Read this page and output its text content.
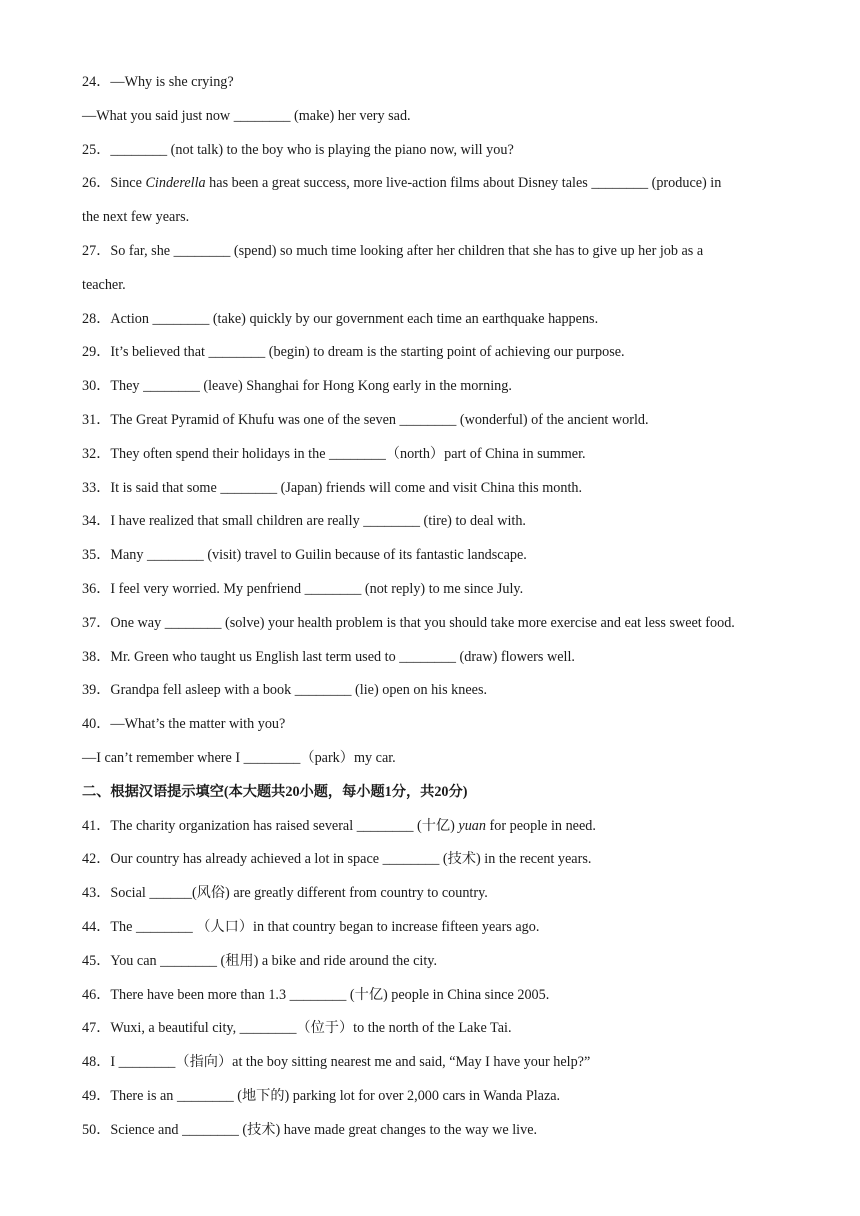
24．—Why is she crying?
—What you said just now ________ (make) her very sad.
25．________ (not talk) to the boy who is playing the piano now, will you?
26．Since Cinderella has been a great success, more live-action films about Disney tales ________ (produce) in
the next few years.
27．So far, she ________ (spend) so much time looking after her children that she has to give up her job as a
teacher.
28．Action ________ (take) quickly by our government each time an earthquake happens.
29．It’s believed that ________ (begin) to dream is the starting point of achieving our purpose.
30．They ________ (leave) Shanghai for Hong Kong early in the morning.
31．The Great Pyramid of Khufu was one of the seven ________ (wonderful) of the ancient world.
32．They often spend their holidays in the ________（north）part of China in summer.
33．It is said that some ________ (Japan) friends will come and visit China this month.
34．I have realized that small children are really ________ (tire) to deal with.
35．Many ________ (visit) travel to Guilin because of its fantastic landscape.
36．I feel very worried. My penfriend ________ (not reply) to me since July.
37．One way ________ (solve) your health problem is that you should take more exercise and eat less sweet food.
38．Mr. Green who taught us English last term used to ________ (draw) flowers well.
39．Grandpa fell asleep with a book ________ (lie) open on his knees.
40．—What’s the matter with you?
—I can’t remember where I ________（park）my car.
二、根据汉语提示填空(本大题共20小题，每小题1分，共20分)
41．The charity organization has raised several ________ (十亿) yuan for people in need.
42．Our country has already achieved a lot in space ________ (技术) in the recent years.
43．Social ______(风俗) are greatly different from country to country.
44．The ________ （人口）in that country began to increase fifteen years ago.
45．You can ________ (租用) a bike and ride around the city.
46．There have been more than 1.3 ________ (十亿) people in China since 2005.
47．Wuxi, a beautiful city, ________（位于）to the north of the Lake Tai.
48．I ________（指向）at the boy sitting nearest me and said, “May I have your help?”
49．There is an ________ (地下的) parking lot for over 2,000 cars in Wanda Plaza.
50．Science and ________ (技术) have made great changes to the way we live.
